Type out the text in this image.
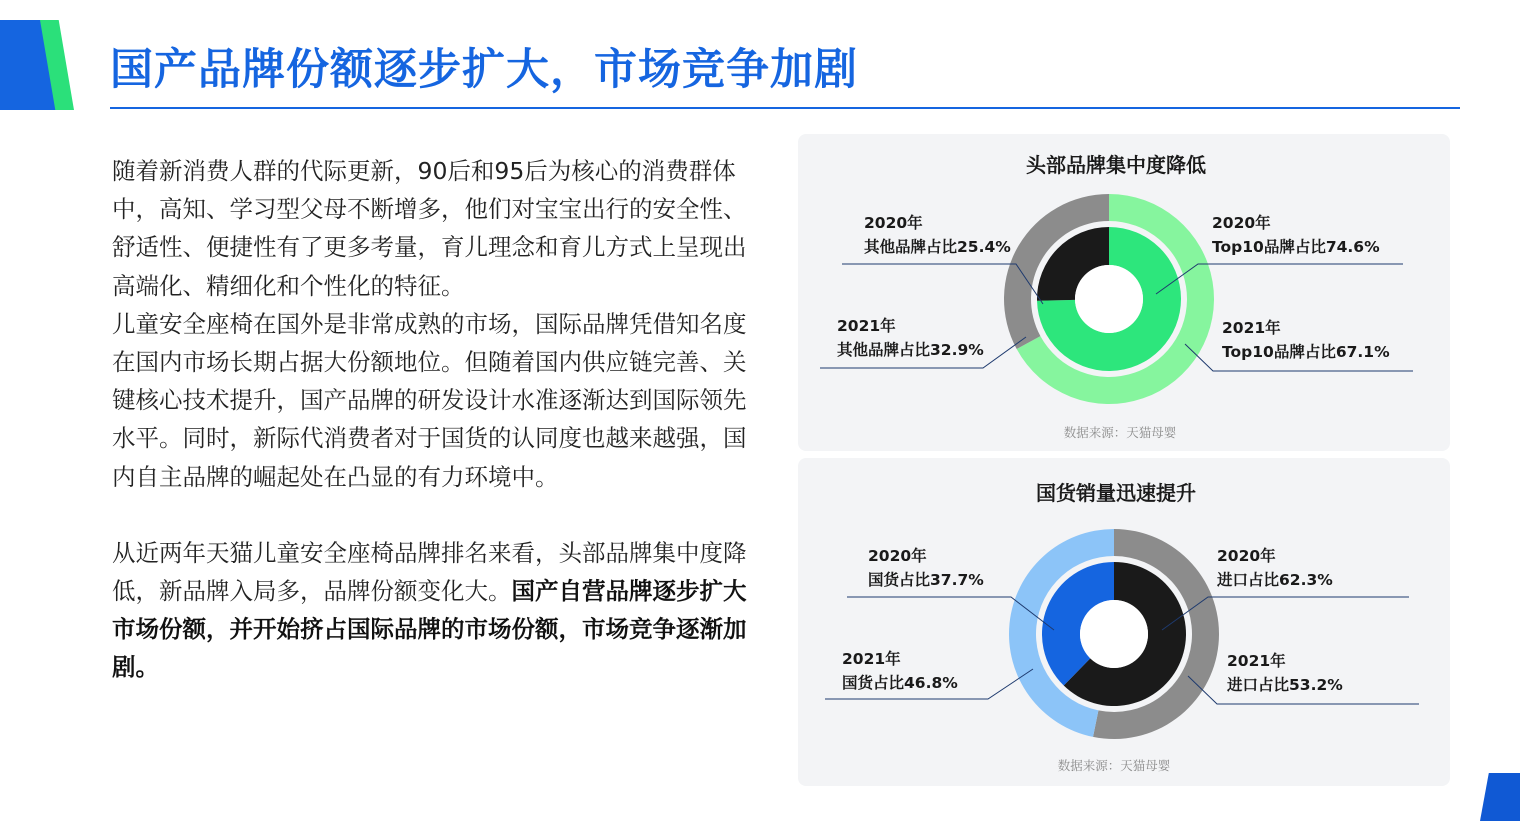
国产品牌份额逐步扩大，市场竞争加剧

随着新消费人群的代际更新，90后和95后为核心的消费群体中，高知、学习型父母不断增多，他们对宝宝出行的安全性、舒适性、便捷性有了更多考量，育儿理念和育儿方式上呈现出高端化、精细化和个性化的特征。

儿童安全座椅在国外是非常成熟的市场，国际品牌凭借知名度在国内市场长期占据大份额地位。但随着国内供应链完善、关键核心技术提升，国产品牌的研发设计水准逐渐达到国际领先水平。同时，新际代消费者对于国货的认同度也越来越强，国内自主品牌的崛起处在凸显的有力环境中。

从近两年天猫儿童安全座椅品牌排名来看，头部品牌集中度降低，新品牌入局多，品牌份额变化大。国产自营品牌逐步扩大市场份额，并开始挤占国际品牌的市场份额，市场竞争逐渐加剧。

头部品牌集中度降低
2020年
其他品牌占比25.4%
2020年
Top10品牌占比74.6%
2021年
其他品牌占比32.9%
2021年
Top10品牌占比67.1%
数据来源：天猫母婴
国货销量迅速提升
2020年
国货占比37.7%
2020年
进口占比62.3%
2021年
国货占比46.8%
2021年
进口占比53.2%
数据来源：天猫母婴
